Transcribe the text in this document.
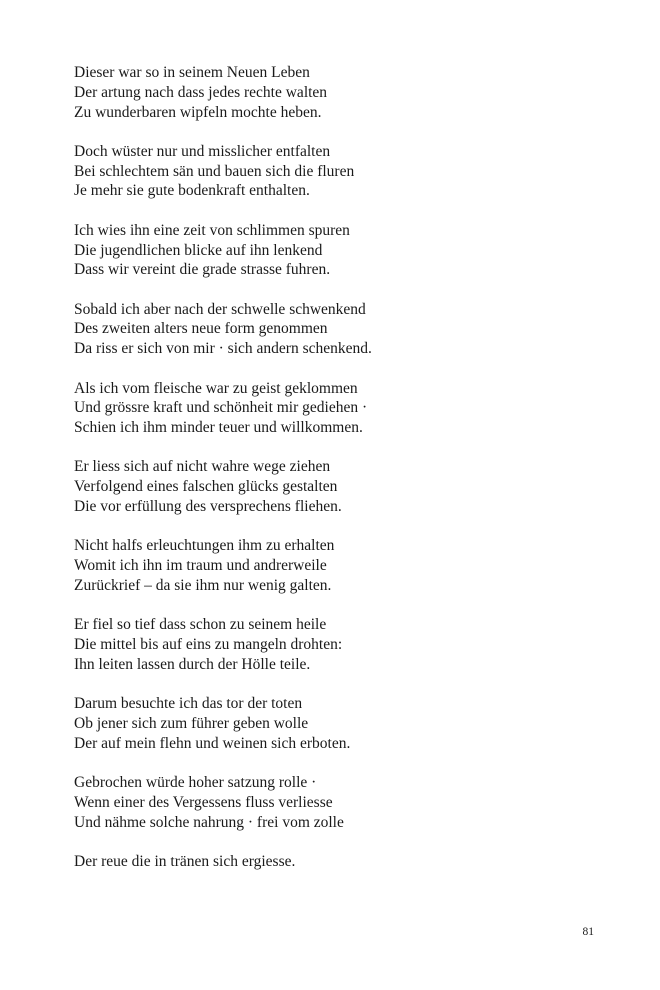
Dieser war so in seinem Neuen Leben
Der artung nach dass jedes rechte walten
Zu wunderbaren wipfeln mochte heben.
Doch wüster nur und misslicher entfalten
Bei schlechtem sän und bauen sich die fluren
Je mehr sie gute bodenkraft enthalten.
Ich wies ihn eine zeit von schlimmen spuren
Die jugendlichen blicke auf ihn lenkend
Dass wir vereint die grade strasse fuhren.
Sobald ich aber nach der schwelle schwenkend
Des zweiten alters neue form genommen
Da riss er sich von mir · sich andern schenkend.
Als ich vom fleische war zu geist geklommen
Und grössre kraft und schönheit mir gediehen ·
Schien ich ihm minder teuer und willkommen.
Er liess sich auf nicht wahre wege ziehen
Verfolgend eines falschen glücks gestalten
Die vor erfüllung des versprechens fliehen.
Nicht halfs erleuchtungen ihm zu erhalten
Womit ich ihn im traum und andrerweile
Zurückrief – da sie ihm nur wenig galten.
Er fiel so tief dass schon zu seinem heile
Die mittel bis auf eins zu mangeln drohten:
Ihn leiten lassen durch der Hölle teile.
Darum besuchte ich das tor der toten
Ob jener sich zum führer geben wolle
Der auf mein flehn und weinen sich erboten.
Gebrochen würde hoher satzung rolle ·
Wenn einer des Vergessens fluss verliesse
Und nähme solche nahrung · frei vom zolle
Der reue die in tränen sich ergiesse.
81
